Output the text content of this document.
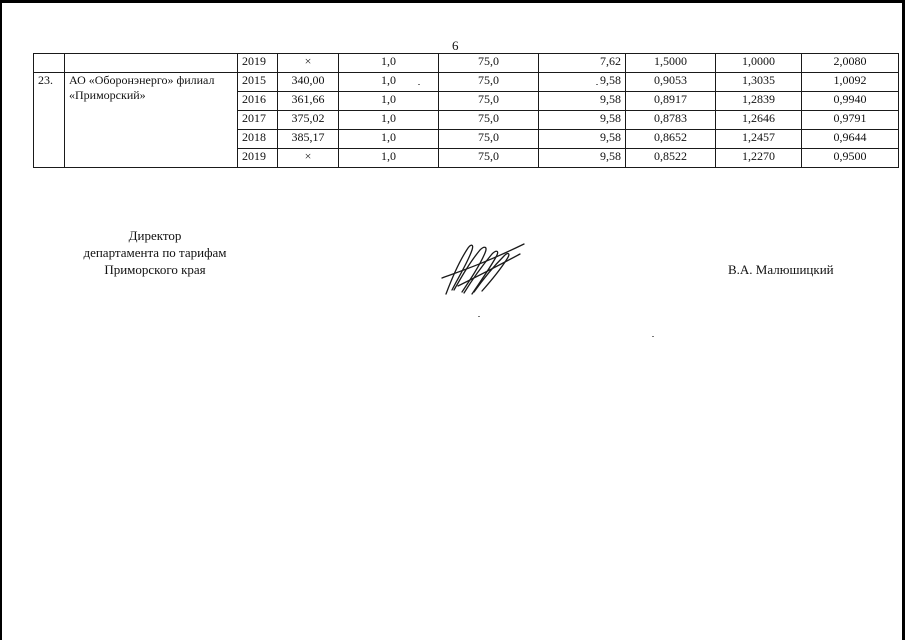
6
		2019	×	1,0	75,0	7,62	1,5000	1,0000	2,0080
23.	АО «Оборонэнерго» филиал «Приморский»	2015	340,00	1,0	75,0	9,58	0,9053	1,3035	1,0092
		2016	361,66	1,0	75,0	9,58	0,8917	1,2839	0,9940
		2017	375,02	1,0	75,0	9,58	0,8783	1,2646	0,9791
		2018	385,17	1,0	75,0	9,58	0,8652	1,2457	0,9644
		2019	×	1,0	75,0	9,58	0,8522	1,2270	0,9500
Директор
департамента по тарифам
Приморского края	В.А. Малюшицкий
